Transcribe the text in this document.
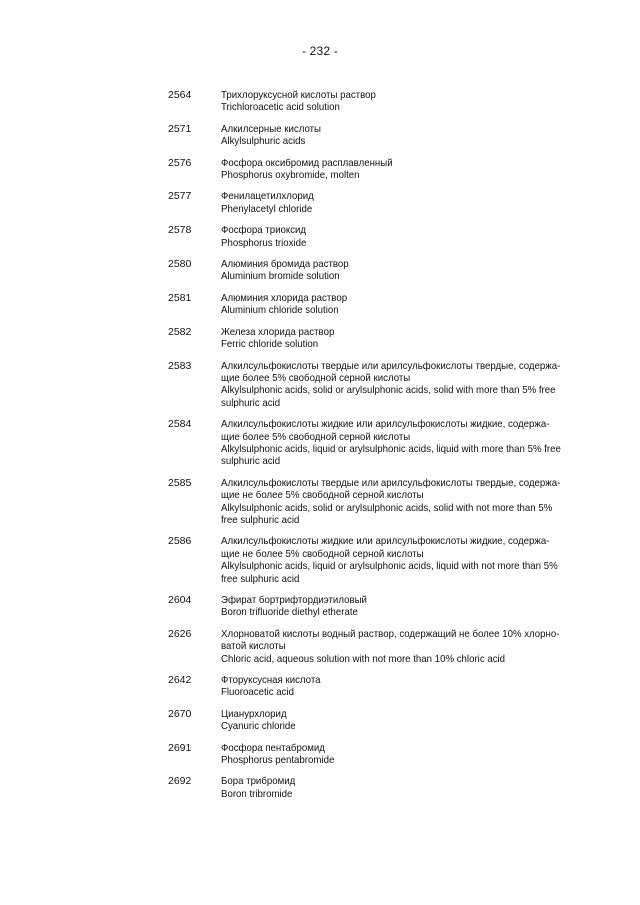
- 232 -
2564	Трихлоруксусной кислоты раствор
Trichloroacetic acid solution
2571	Алкилсерные кислоты
Alkylsulphuric acids
2576	Фосфора оксибромид расплавленный
Phosphorus oxybromide, molten
2577	Фенилацетилхлорид
Phenylacetyl chloride
2578	Фосфора триоксид
Phosphorus trioxide
2580	Алюминия бромида раствор
Aluminium bromide solution
2581	Алюминия хлорида раствор
Aluminium chloride solution
2582	Железа хлорида раствор
Ferric chloride solution
2583	Алкилсульфокислоты твердые или арилсульфокислоты твердые, содержа-
щие более 5% свободной серной кислоты
Alkylsulphonic acids, solid or arylsulphonic acids, solid with more than 5% free
sulphuric acid
2584	Алкилсульфокислоты жидкие или арилсульфокислоты жидкие, содержа-
щие более 5% свободной серной кислоты
Alkylsulphonic acids, liquid or arylsulphonic acids, liquid with more than 5% free
sulphuric acid
2585	Алкилсульфокислоты твердые или арилсульфокислоты твердые, содержа-
щие не более 5% свободной серной кислоты
Alkylsulphonic acids, solid or arylsulphonic acids, solid with not more than 5%
free sulphuric acid
2586	Алкилсульфокислоты жидкие или арилсульфокислоты жидкие, содержа-
щие не более 5% свободной серной кислоты
Alkylsulphonic acids, liquid or arylsulphonic acids, liquid with not more than 5%
free sulphuric acid
2604	Эфират бортрифтордиэтиловый
Boron trifluoride diethyl etherate
2626	Хлорноватой кислоты водный раствор, содержащий не более 10% хлорно-
ватой кислоты
Chloric acid, aqueous solution with not more than 10% chloric acid
2642	Фторуксусная кислота
Fluoroacetic acid
2670	Цианурхлорид
Cyanuric chloride
2691	Фосфора пентабромид
Phosphorus pentabromide
2692	Бора трибромид
Boron tribromide
